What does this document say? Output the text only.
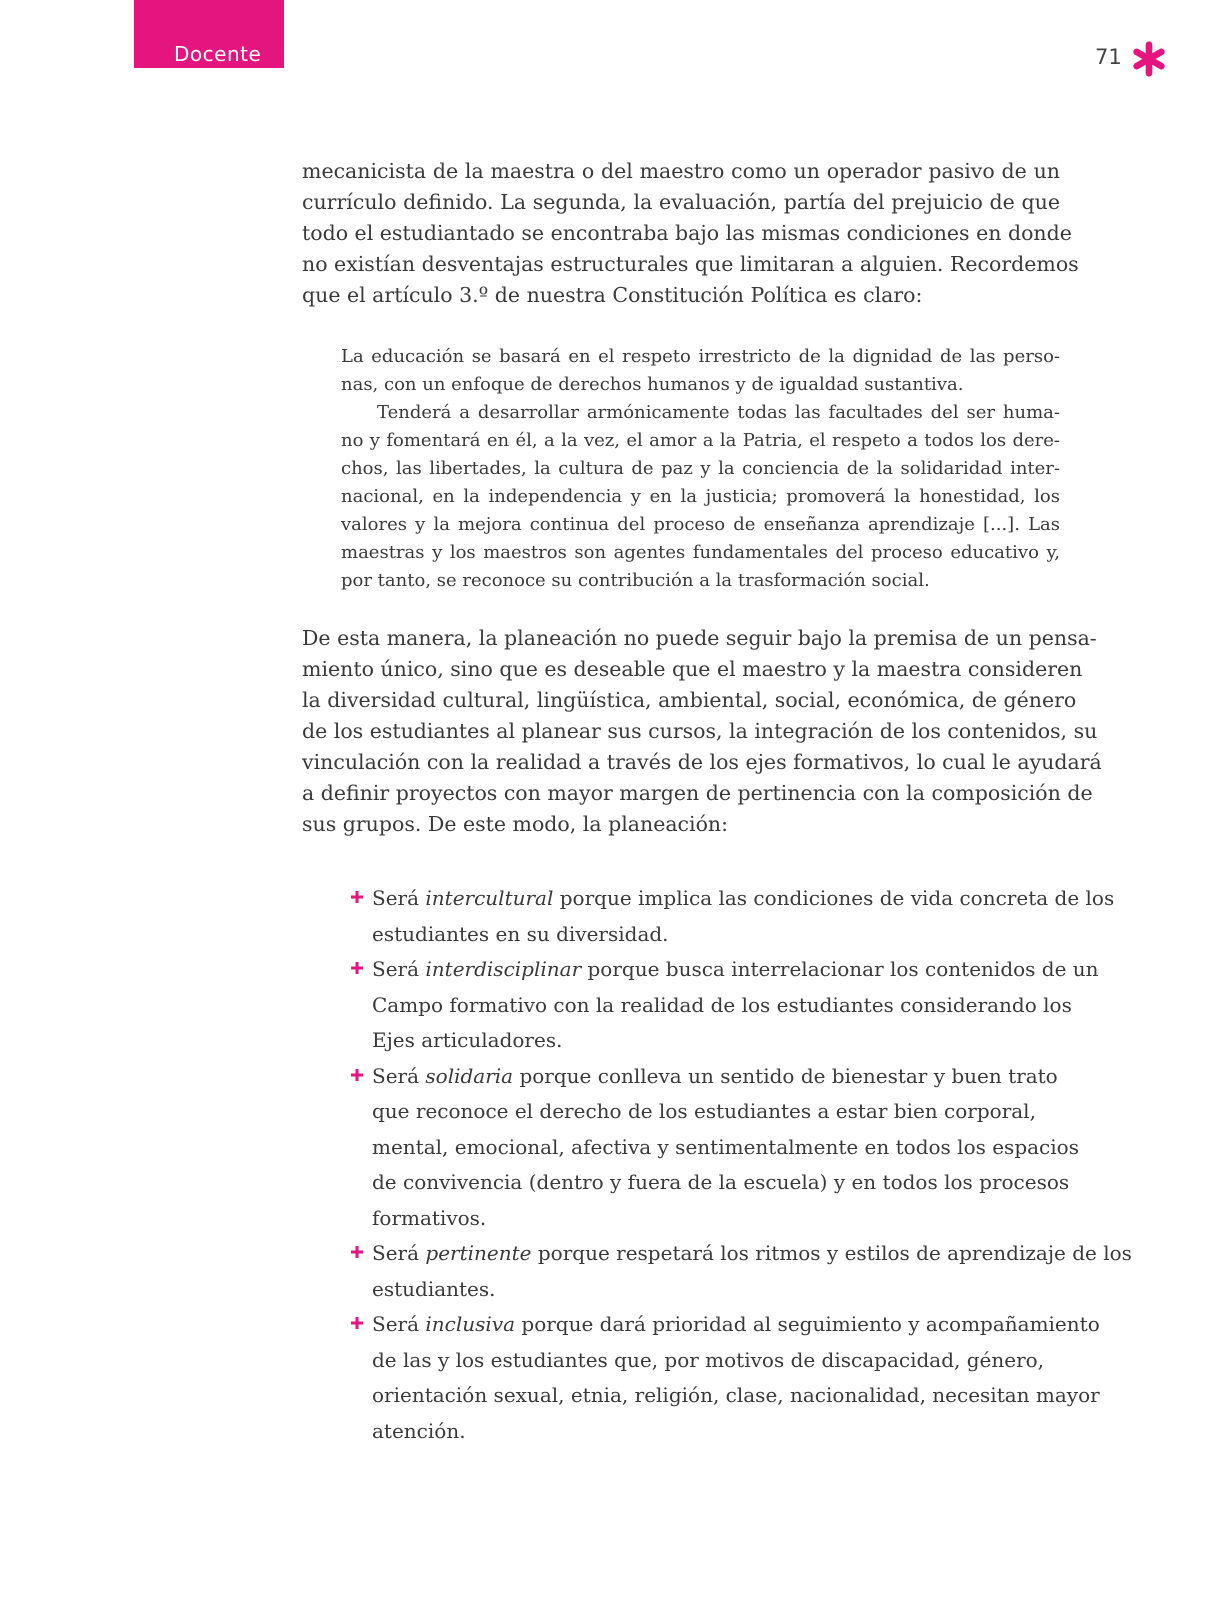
Docente	71
mecanicista de la maestra o del maestro como un operador pasivo de un
currículo definido. La segunda, la evaluación, partía del prejuicio de que
todo el estudiantado se encontraba bajo las mismas condiciones en donde
no existían desventajas estructurales que limitaran a alguien. Recordemos
que el artículo 3.º de nuestra Constitución Política es claro:
La educación se basará en el respeto irrestricto de la dignidad de las perso-
nas, con un enfoque de derechos humanos y de igualdad sustantiva.
Tenderá a desarrollar armónicamente todas las facultades del ser huma-
no y fomentará en él, a la vez, el amor a la Patria, el respeto a todos los dere-
chos, las libertades, la cultura de paz y la conciencia de la solidaridad inter-
nacional, en la independencia y en la justicia; promoverá la honestidad, los
valores y la mejora continua del proceso de enseñanza aprendizaje [...]. Las
maestras y los maestros son agentes fundamentales del proceso educativo y,
por tanto, se reconoce su contribución a la trasformación social.
De esta manera, la planeación no puede seguir bajo la premisa de un pensa-
miento único, sino que es deseable que el maestro y la maestra consideren
la diversidad cultural, lingüística, ambiental, social, económica, de género
de los estudiantes al planear sus cursos, la integración de los contenidos, su
vinculación con la realidad a través de los ejes formativos, lo cual le ayudará
a definir proyectos con mayor margen de pertinencia con la composición de
sus grupos. De este modo, la planeación:
Será intercultural porque implica las condiciones de vida concreta de los
estudiantes en su diversidad.
Será interdisciplinar porque busca interrelacionar los contenidos de un
Campo formativo con la realidad de los estudiantes considerando los
Ejes articuladores.
Será solidaria porque conlleva un sentido de bienestar y buen trato
que reconoce el derecho de los estudiantes a estar bien corporal,
mental, emocional, afectiva y sentimentalmente en todos los espacios
de convivencia (dentro y fuera de la escuela) y en todos los procesos
formativos.
Será pertinente porque respetará los ritmos y estilos de aprendizaje de los
estudiantes.
Será inclusiva porque dará prioridad al seguimiento y acompañamiento
de las y los estudiantes que, por motivos de discapacidad, género,
orientación sexual, etnia, religión, clase, nacionalidad, necesitan mayor
atención.
